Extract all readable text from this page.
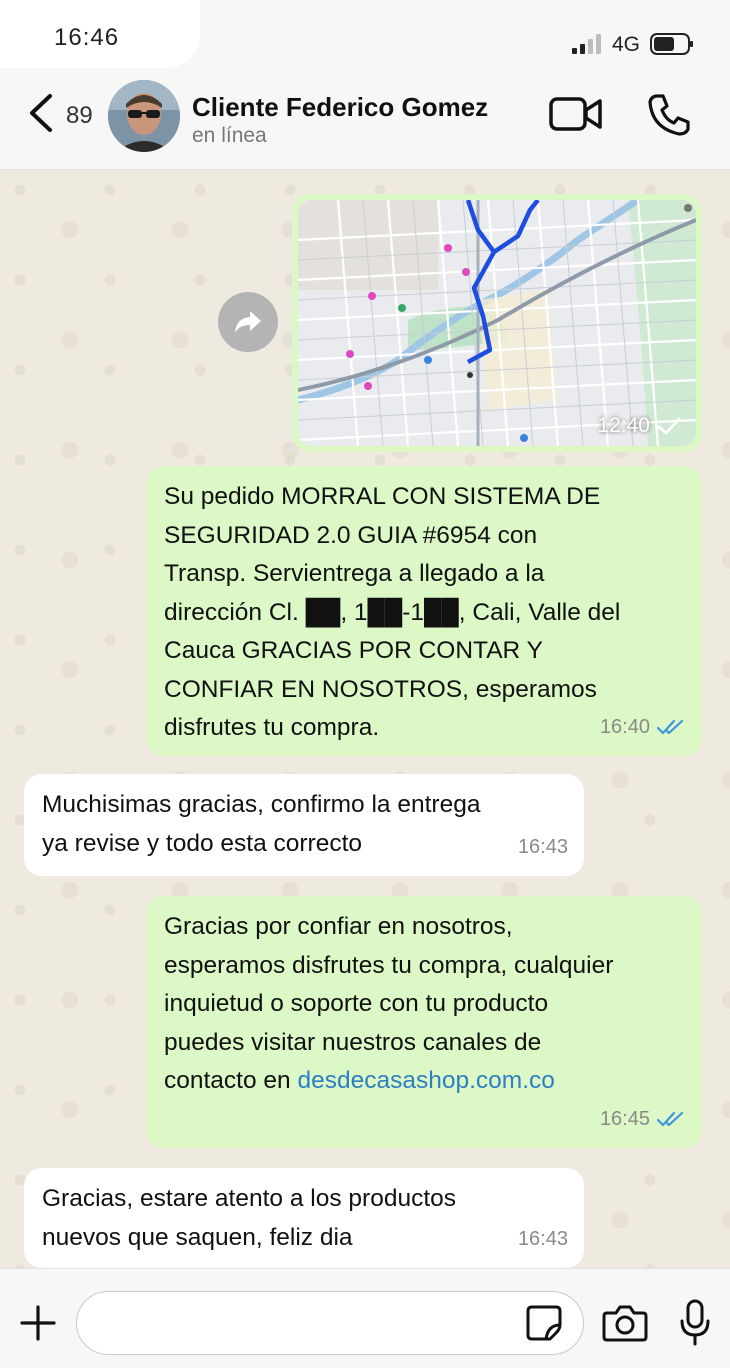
16:46	4G
89	Cliente Federico Gomez
en línea
12:40
Su pedido MORRAL CON SISTEMA DE
SEGURIDAD 2.0 GUIA #6954 con
Transp. Servientrega a llegado a la
dirección Cl. ██, 1██-1██, Cali, Valle del
Cauca GRACIAS POR CONTAR Y
CONFIAR EN NOSOTROS, esperamos
disfrutes tu compra.	16:40
Muchisimas gracias, confirmo la entrega
ya revise y todo esta correcto	16:43
Gracias por confiar en nosotros,
esperamos disfrutes tu compra, cualquier
inquietud o soporte con tu producto
puedes visitar nuestros canales de
contacto en desdecasashop.com.co
16:45
Gracias, estare atento a los productos
nuevos que saquen, feliz dia	16:43
